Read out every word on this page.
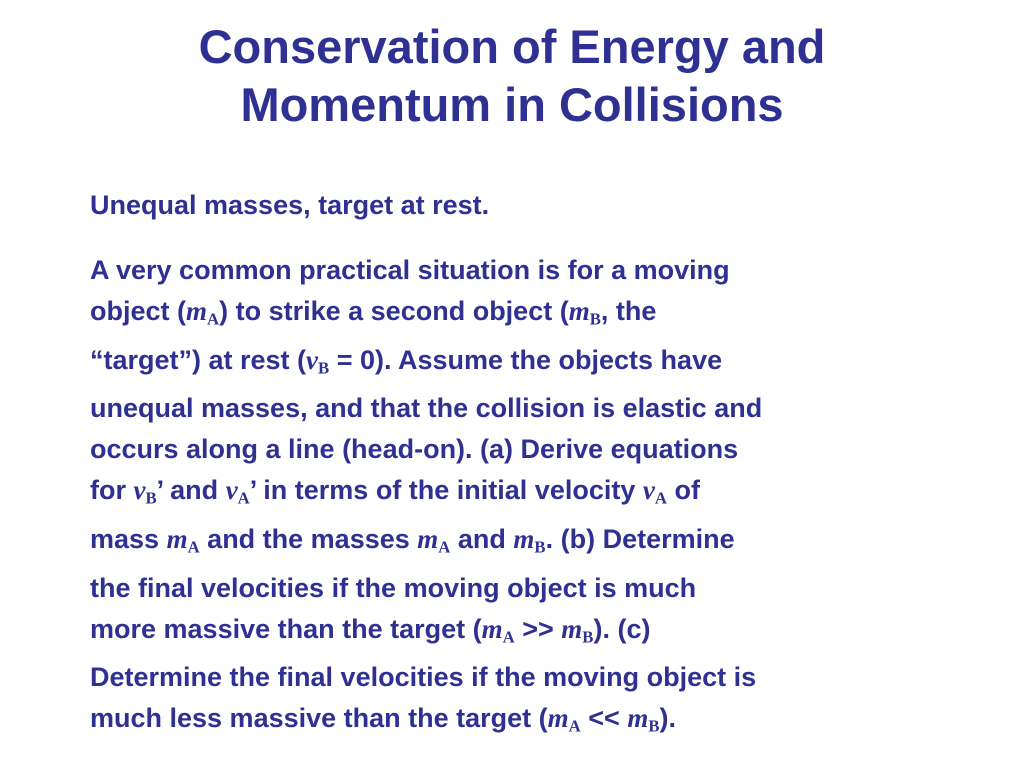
Conservation of Energy and
Momentum in Collisions

Unequal masses, target at rest.

A very common practical situation is for a moving
object $(m_A)$ to strike a second object ($m_B$, the
“target”) at rest $(v_B = 0)$. Assume the objects have
unequal masses, and that the collision is elastic and
occurs along a line (head-on). (a) Derive equations
for $v_B$’ and $v_A$’ in terms of the initial velocity $v_A$ of
mass $m_A$ and the masses $m_A$ and $m_B$. (b) Determine
the final velocities if the moving object is much
more massive than the target $(m_A >> m_B)$. (c)
Determine the final velocities if the moving object is
much less massive than the target $(m_A << m_B)$.
